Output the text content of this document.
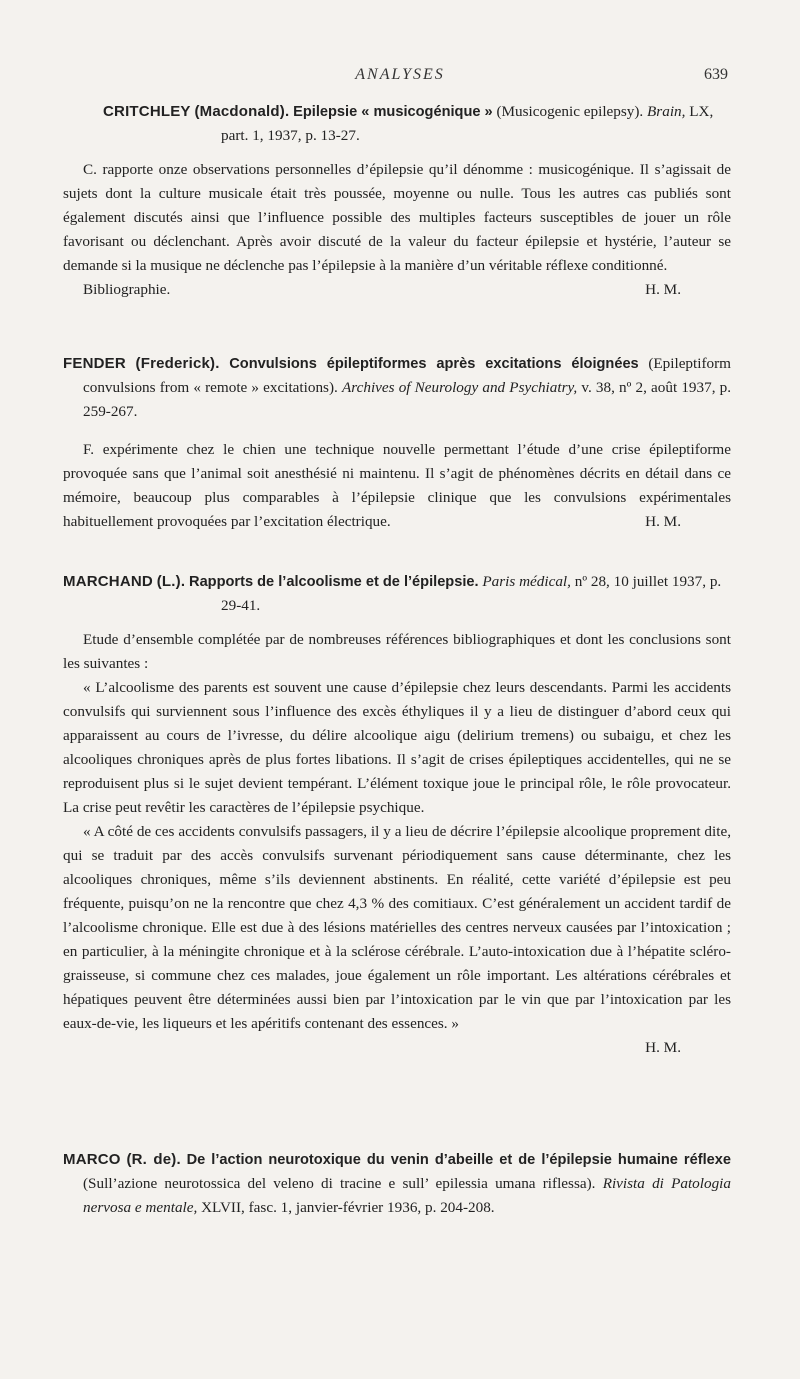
ANALYSES	639

CRITCHLEY (Macdonald). Epilepsie « musicogénique » (Musicogenic epilepsy). Brain, LX, part. 1, 1937, p. 13-27.

C. rapporte onze observations personnelles d’épilepsie qu’il dénomme : musicogénique. Il s’agissait de sujets dont la culture musicale était très poussée, moyenne ou nulle. Tous les autres cas publiés sont également discutés ainsi que l’influence possible des multiples facteurs susceptibles de jouer un rôle favorisant ou déclenchant. Après avoir discuté de la valeur du facteur épilepsie et hystérie, l’auteur se demande si la musique ne déclenche pas l’épilepsie à la manière d’un véritable réflexe conditionné.

Bibliographie.	H. M.

FENDER (Frederick). Convulsions épileptiformes après excitations éloignées (Epileptiform convulsions from « remote » excitations). Archives of Neurology and Psychiatry, v. 38, nº 2, août 1937, p. 259-267.

F. expérimente chez le chien une technique nouvelle permettant l’étude d’une crise épileptiforme provoquée sans que l’animal soit anesthésié ni maintenu. Il s’agit de phénomènes décrits en détail dans ce mémoire, beaucoup plus comparables à l’épilepsie clinique que les convulsions expérimentales habituellement provoquées par l’excitation électrique.	H. M.

MARCHAND (L.). Rapports de l’alcoolisme et de l’épilepsie. Paris médical, nº 28, 10 juillet 1937, p. 29-41.

Etude d’ensemble complétée par de nombreuses références bibliographiques et dont les conclusions sont les suivantes :

« L’alcoolisme des parents est souvent une cause d’épilepsie chez leurs descendants. Parmi les accidents convulsifs qui surviennent sous l’influence des excès éthyliques il y a lieu de distinguer d’abord ceux qui apparaissent au cours de l’ivresse, du délire alcoolique aigu (delirium tremens) ou subaigu, et chez les alcooliques chroniques après de plus fortes libations. Il s’agit de crises épileptiques accidentelles, qui ne se reproduisent plus si le sujet devient tempérant. L’élément toxique joue le principal rôle, le rôle provocateur. La crise peut revêtir les caractères de l’épilepsie psychique.

« A côté de ces accidents convulsifs passagers, il y a lieu de décrire l’épilepsie alcoolique proprement dite, qui se traduit par des accès convulsifs survenant périodiquement sans cause déterminante, chez les alcooliques chroniques, même s’ils deviennent abstinents. En réalité, cette variété d’épilepsie est peu fréquente, puisqu’on ne la rencontre que chez 4,3 % des comitiaux. C’est généralement un accident tardif de l’alcoolisme chronique. Elle est due à des lésions matérielles des centres nerveux causées par l’intoxication ; en particulier, à la méningite chronique et à la sclérose cérébrale. L’auto-intoxication due à l’hépatite scléro-graisseuse, si commune chez ces malades, joue également un rôle important. Les altérations cérébrales et hépatiques peuvent être déterminées aussi bien par l’intoxication par le vin que par l’intoxication par les eaux-de-vie, les liqueurs et les apéritifs contenant des essences. »

H. M.

MARCO (R. de). De l’action neurotoxique du venin d’abeille et de l’épilepsie humaine réflexe (Sull’azione neurotossica del veleno di tracine e sull’ epilessia umana riflessa). Rivista di Patologia nervosa e mentale, XLVII, fasc. 1, janvier-février 1936, p. 204-208.
